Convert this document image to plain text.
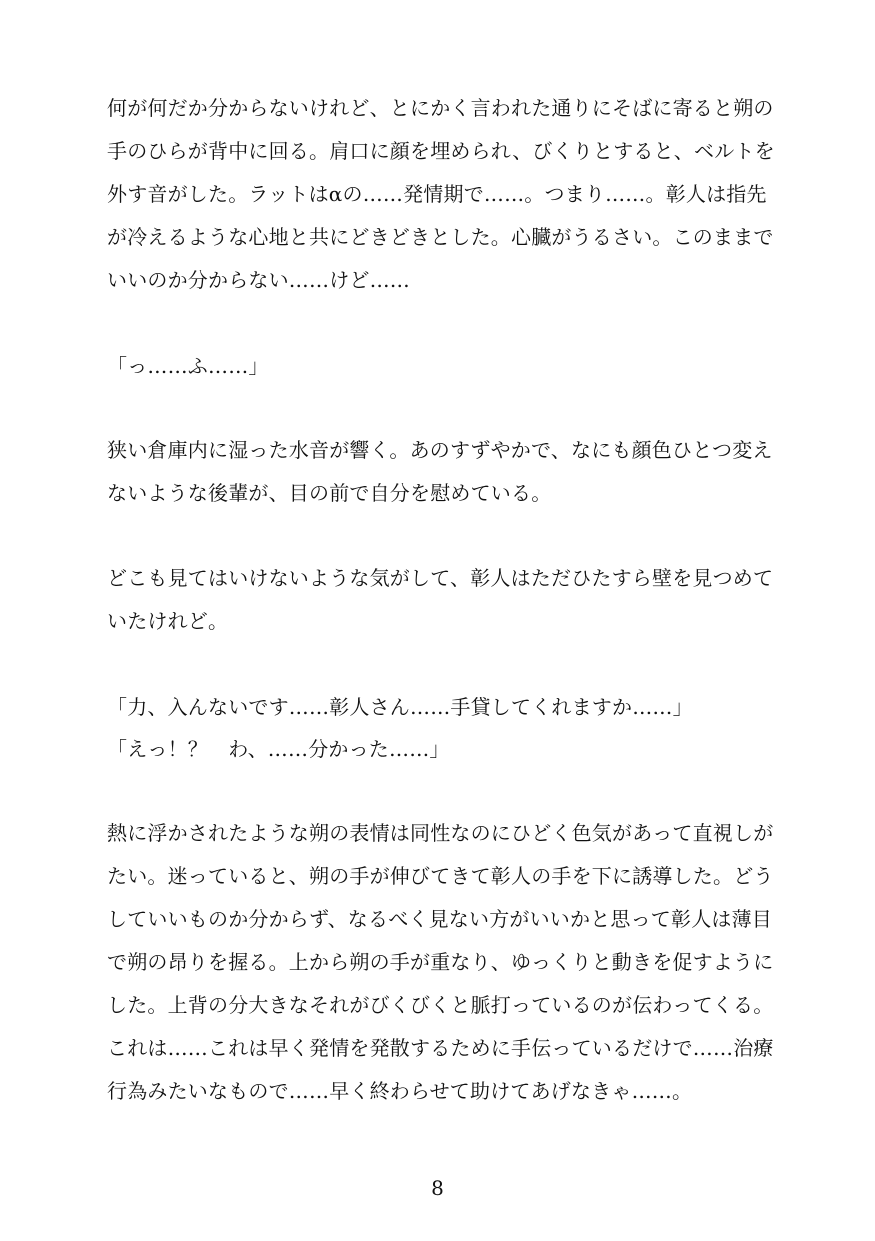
何が何だか分からないけれど、とにかく言われた通りにそばに寄ると朔の
手のひらが背中に回る。肩口に顔を埋められ、びくりとすると、ベルトを
外す音がした。ラットはαの……発情期で……。つまり……。彰人は指先
が冷えるような心地と共にどきどきとした。心臓がうるさい。このままで
いいのか分からない……けど……
「っ……ふ……」
狭い倉庫内に湿った水音が響く。あのすずやかで、なにも顔色ひとつ変え
ないような後輩が、目の前で自分を慰めている。
どこも見てはいけないような気がして、彰人はただひたすら壁を見つめて
いたけれど。
「力、入んないです……彰人さん……手貸してくれますか……」
「えっ！？　わ、……分かった……」
熱に浮かされたような朔の表情は同性なのにひどく色気があって直視しが
たい。迷っていると、朔の手が伸びてきて彰人の手を下に誘導した。どう
していいものか分からず、なるべく見ない方がいいかと思って彰人は薄目
で朔の昂りを握る。上から朔の手が重なり、ゆっくりと動きを促すように
した。上背の分大きなそれがびくびくと脈打っているのが伝わってくる。
これは……これは早く発情を発散するために手伝っているだけで……治療
行為みたいなもので……早く終わらせて助けてあげなきゃ……。
8
